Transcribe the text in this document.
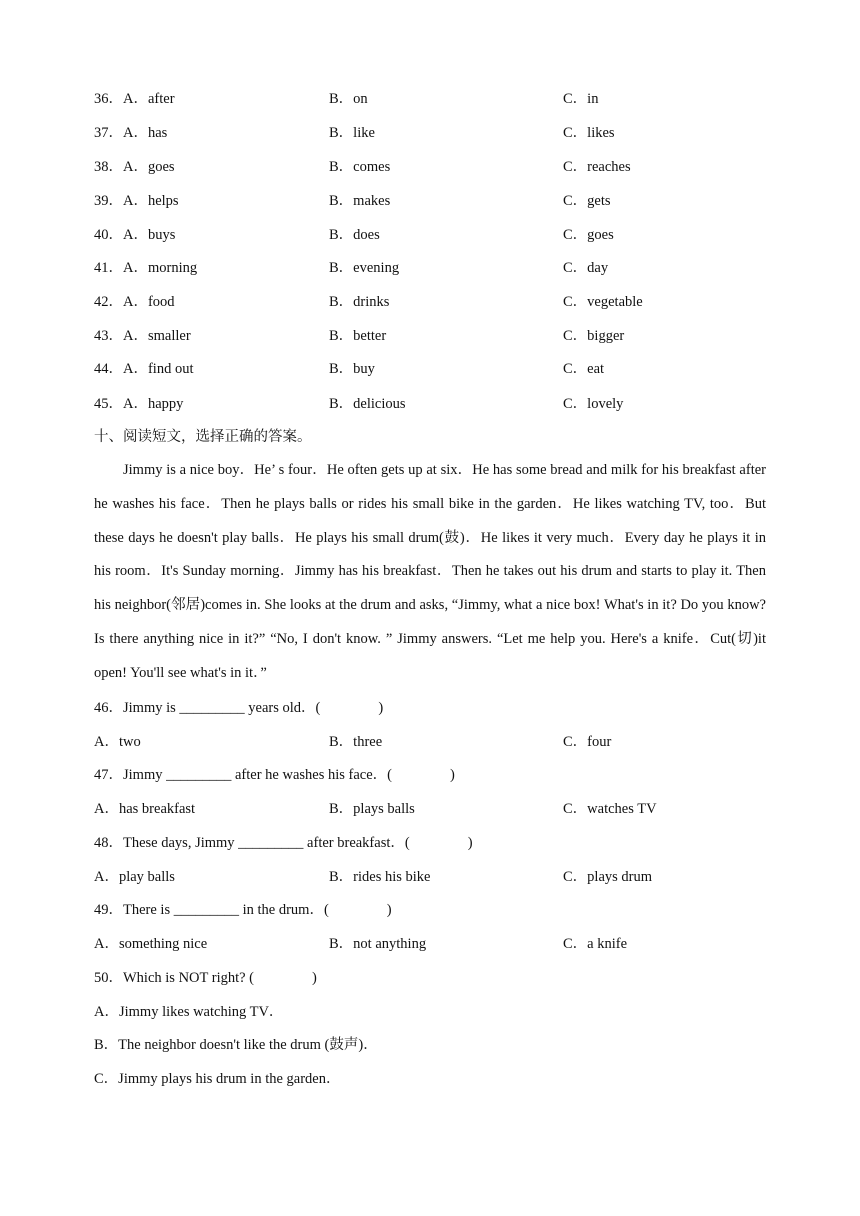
36．A．after	B．on	C．in
37．A．has	B．like	C．likes
38．A．goes	B．comes	C．reaches
39．A．helps	B．makes	C．gets
40．A．buys	B．does	C．goes
41．A．morning	B．evening	C．day
42．A．food	B．drinks	C．vegetable
43．A．smaller	B．better	C．bigger
44．A．find out	B．buy	C．eat
45．A．happy	B．delicious	C．lovely
十、阅读短文，选择正确的答案。

Jimmy is a nice boy．He’ s four．He often gets up at six．He has some bread and milk for his breakfast after he washes his face．Then he plays balls or rides his small bike in the garden．He likes watching TV, too．But these days he doesn't play balls．He plays his small drum(鼓)．He likes it very much．Every day he plays it in his room．It's Sunday morning．Jimmy has his breakfast．Then he takes out his drum and starts to play it. Then his neighbor(邻居)comes in. She looks at the drum and asks, “Jimmy, what a nice box! What's in it? Do you know? Is there anything nice in it?” “No, I don't know. ” Jimmy answers. “Let me help you. Here's a knife．Cut(切)it open! You'll see what's in it．”

46．Jimmy is _________ years old．(　　　　)
A．two	B．three	C．four
47．Jimmy _________ after he washes his face．(　　　　)
A．has breakfast	B．plays balls	C．watches TV
48．These days, Jimmy _________ after breakfast．(　　　　)
A．play balls	B．rides his bike	C．plays drum
49．There is _________ in the drum．(　　　　)
A．something nice	B．not anything	C．a knife
50．Which is NOT right? (　　　　)
A．Jimmy likes watching TV．
B．The neighbor doesn't like the drum (鼓声)．
C．Jimmy plays his drum in the garden．
